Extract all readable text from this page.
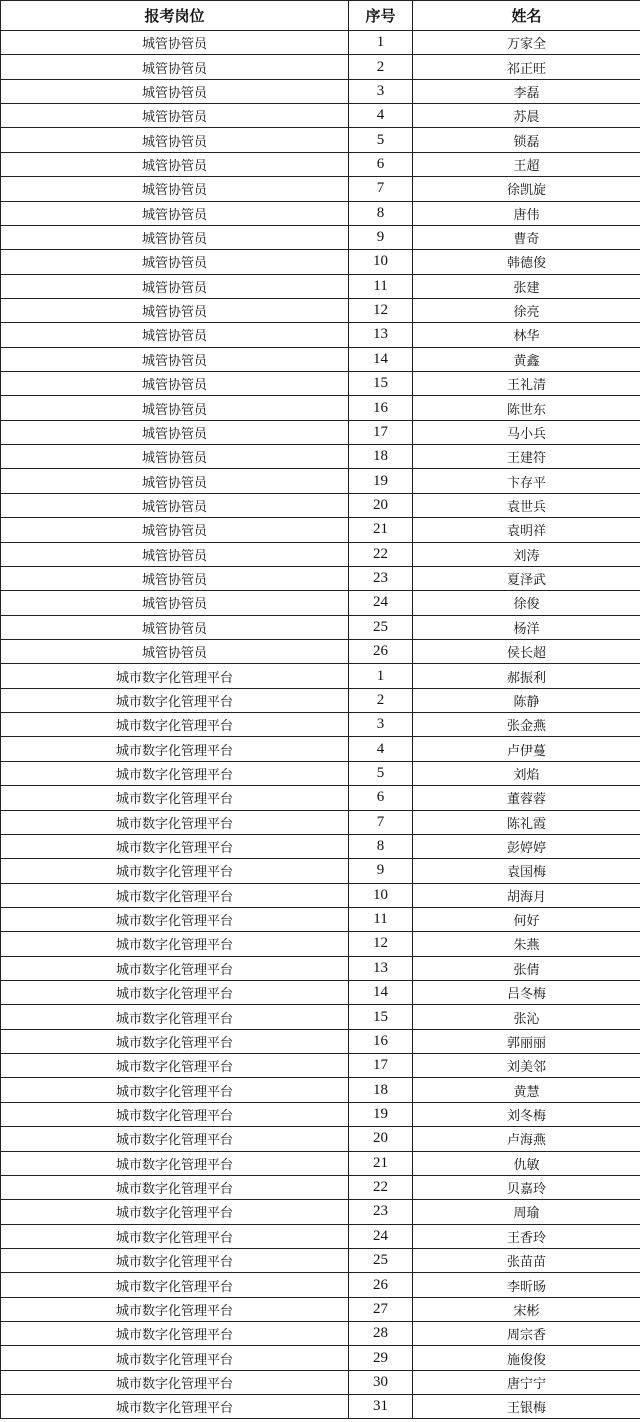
报考岗位	序号	姓名
城管协管员	1	万家全
城管协管员	2	祁正旺
城管协管员	3	李磊
城管协管员	4	苏晨
城管协管员	5	锁磊
城管协管员	6	王超
城管协管员	7	徐凯旋
城管协管员	8	唐伟
城管协管员	9	曹奇
城管协管员	10	韩德俊
城管协管员	11	张建
城管协管员	12	徐亮
城管协管员	13	林华
城管协管员	14	黄鑫
城管协管员	15	王礼清
城管协管员	16	陈世东
城管协管员	17	马小兵
城管协管员	18	王建符
城管协管员	19	卞存平
城管协管员	20	袁世兵
城管协管员	21	袁明祥
城管协管员	22	刘涛
城管协管员	23	夏泽武
城管协管员	24	徐俊
城管协管员	25	杨洋
城管协管员	26	侯长超
城市数字化管理平台	1	郝振利
城市数字化管理平台	2	陈静
城市数字化管理平台	3	张金燕
城市数字化管理平台	4	卢伊蔓
城市数字化管理平台	5	刘焰
城市数字化管理平台	6	董蓉蓉
城市数字化管理平台	7	陈礼霞
城市数字化管理平台	8	彭婷婷
城市数字化管理平台	9	袁国梅
城市数字化管理平台	10	胡海月
城市数字化管理平台	11	何好
城市数字化管理平台	12	朱燕
城市数字化管理平台	13	张倩
城市数字化管理平台	14	吕冬梅
城市数字化管理平台	15	张沁
城市数字化管理平台	16	郭丽丽
城市数字化管理平台	17	刘美邻
城市数字化管理平台	18	黄慧
城市数字化管理平台	19	刘冬梅
城市数字化管理平台	20	卢海燕
城市数字化管理平台	21	仇敏
城市数字化管理平台	22	贝嘉玲
城市数字化管理平台	23	周瑜
城市数字化管理平台	24	王香玲
城市数字化管理平台	25	张苗苗
城市数字化管理平台	26	李昕旸
城市数字化管理平台	27	宋彬
城市数字化管理平台	28	周宗香
城市数字化管理平台	29	施俊俊
城市数字化管理平台	30	唐宁宁
城市数字化管理平台	31	王银梅
